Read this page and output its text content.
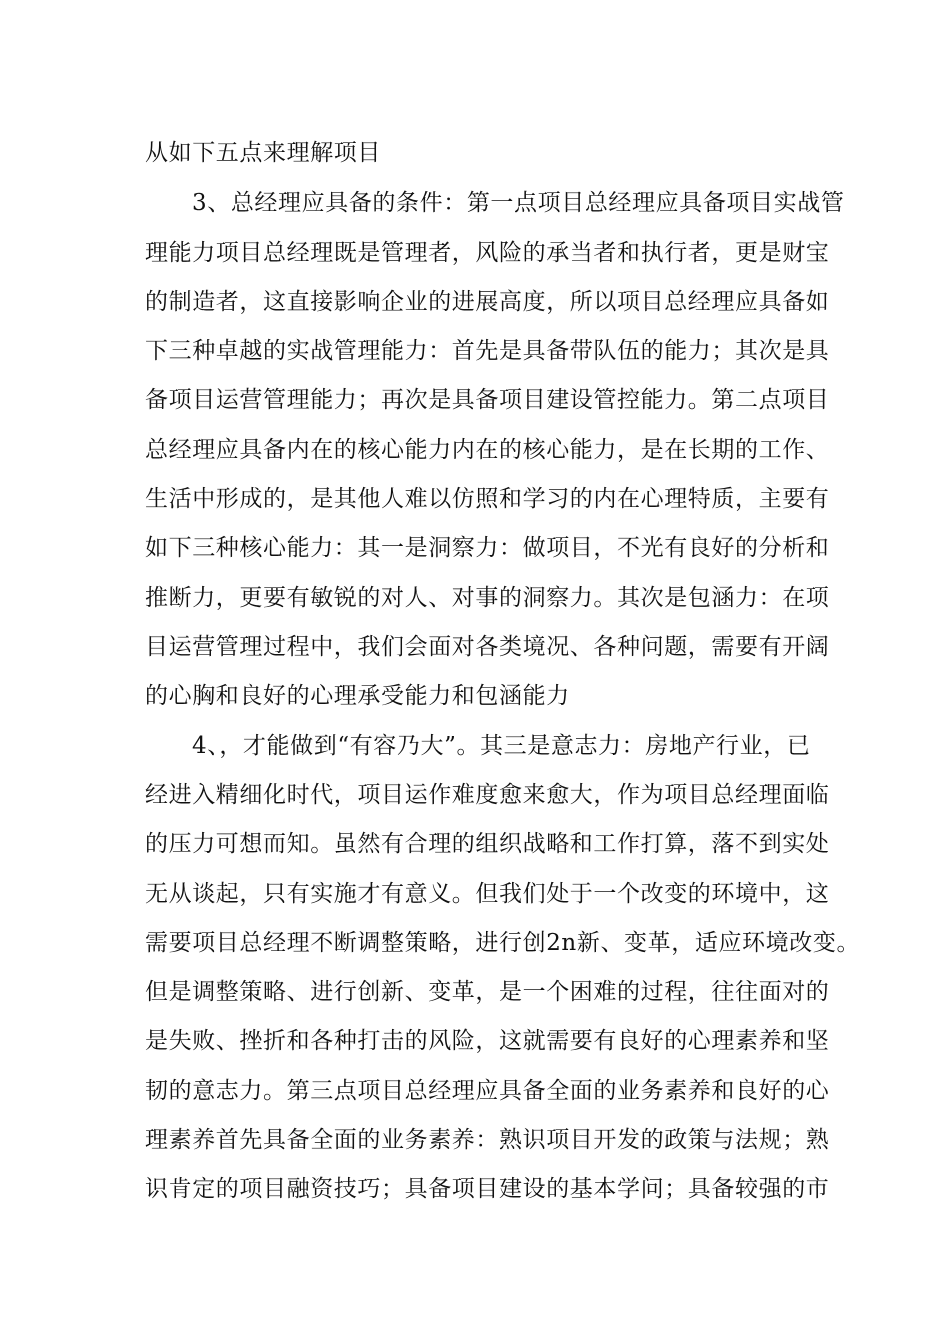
从如下五点来理解项目
3、总经理应具备的条件：第一点项目总经理应具备项目实战管
理能力项目总经理既是管理者，风险的承当者和执行者，更是财宝
的制造者，这直接影响企业的进展高度，所以项目总经理应具备如
下三种卓越的实战管理能力：首先是具备带队伍的能力；其次是具
备项目运营管理能力；再次是具备项目建设管控能力。第二点项目
总经理应具备内在的核心能力内在的核心能力，是在长期的工作、
生活中形成的，是其他人难以仿照和学习的内在心理特质，主要有
如下三种核心能力：其一是洞察力：做项目，不光有良好的分析和
推断力，更要有敏锐的对人、对事的洞察力。其次是包涵力：在项
目运营管理过程中，我们会面对各类境况、各种问题，需要有开阔
的心胸和良好的心理承受能力和包涵能力
4、，才能做到“有容乃大”。其三是意志力：房地产行业，已
经进入精细化时代，项目运作难度愈来愈大，作为项目总经理面临
的压力可想而知。虽然有合理的组织战略和工作打算，落不到实处
无从谈起，只有实施才有意义。但我们处于一个改变的环境中，这
需要项目总经理不断调整策略，进行创2n新、变革，适应环境改变。
但是调整策略、进行创新、变革，是一个困难的过程，往往面对的
是失败、挫折和各种打击的风险，这就需要有良好的心理素养和坚
韧的意志力。第三点项目总经理应具备全面的业务素养和良好的心
理素养首先具备全面的业务素养：熟识项目开发的政策与法规；熟
识肯定的项目融资技巧；具备项目建设的基本学问；具备较强的市
